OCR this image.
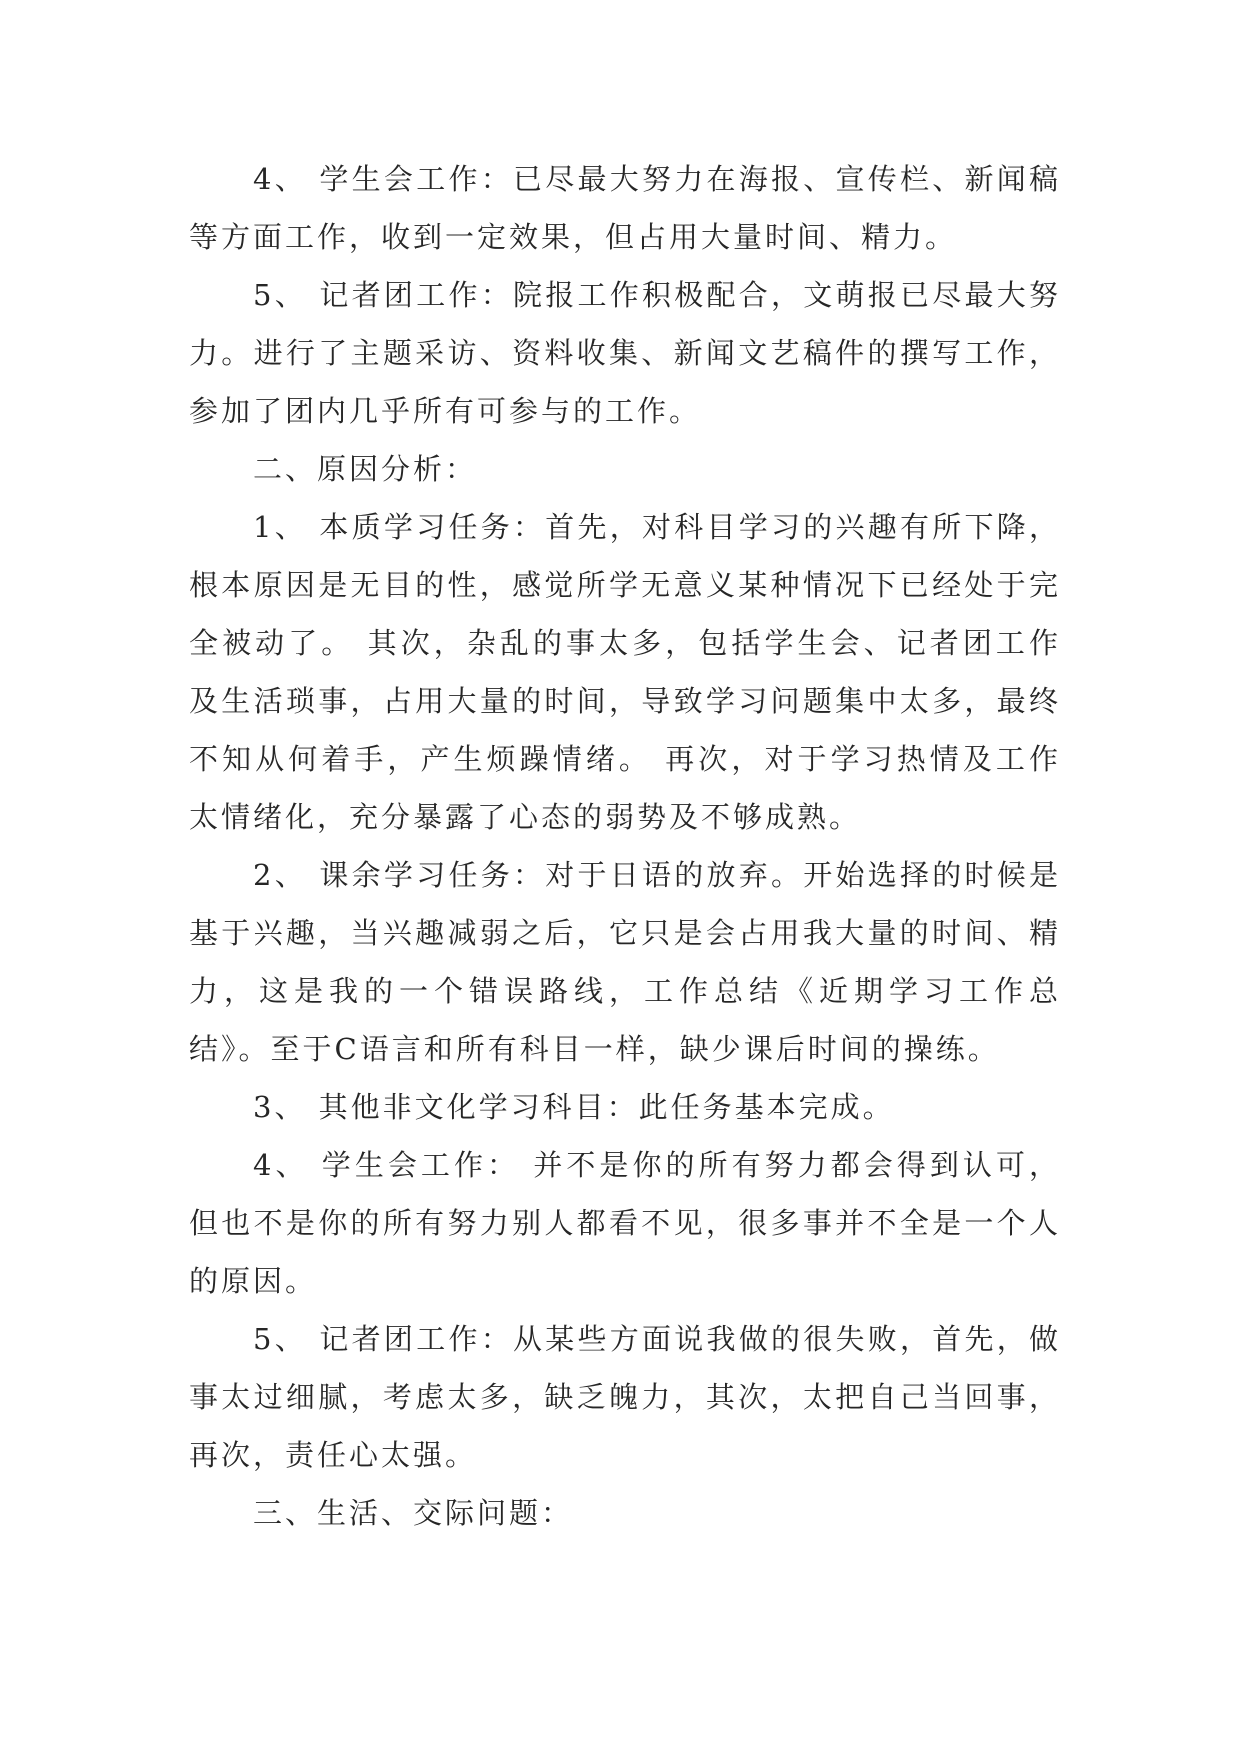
4、 学生会工作：已尽最大努力在海报、宣传栏、新闻稿等方面工作，收到一定效果，但占用大量时间、精力。

5、 记者团工作：院报工作积极配合，文萌报已尽最大努力。进行了主题采访、资料收集、新闻文艺稿件的撰写工作，参加了团内几乎所有可参与的工作。

二、原因分析：

1、 本质学习任务：首先，对科目学习的兴趣有所下降，根本原因是无目的性，感觉所学无意义某种情况下已经处于完全被动了。 其次，杂乱的事太多，包括学生会、记者团工作及生活琐事，占用大量的时间，导致学习问题集中太多，最终不知从何着手，产生烦躁情绪。 再次，对于学习热情及工作太情绪化，充分暴露了心态的弱势及不够成熟。

2、 课余学习任务：对于日语的放弃。开始选择的时候是基于兴趣，当兴趣减弱之后，它只是会占用我大量的时间、精力，这是我的一个错误路线，工作总结《近期学习工作总结》。至于C语言和所有科目一样，缺少课后时间的操练。

3、 其他非文化学习科目：此任务基本完成。

4、 学生会工作： 并不是你的所有努力都会得到认可，但也不是你的所有努力别人都看不见，很多事并不全是一个人的原因。

5、 记者团工作：从某些方面说我做的很失败，首先，做事太过细腻，考虑太多，缺乏魄力，其次，太把自己当回事，再次，责任心太强。

三、生活、交际问题：
